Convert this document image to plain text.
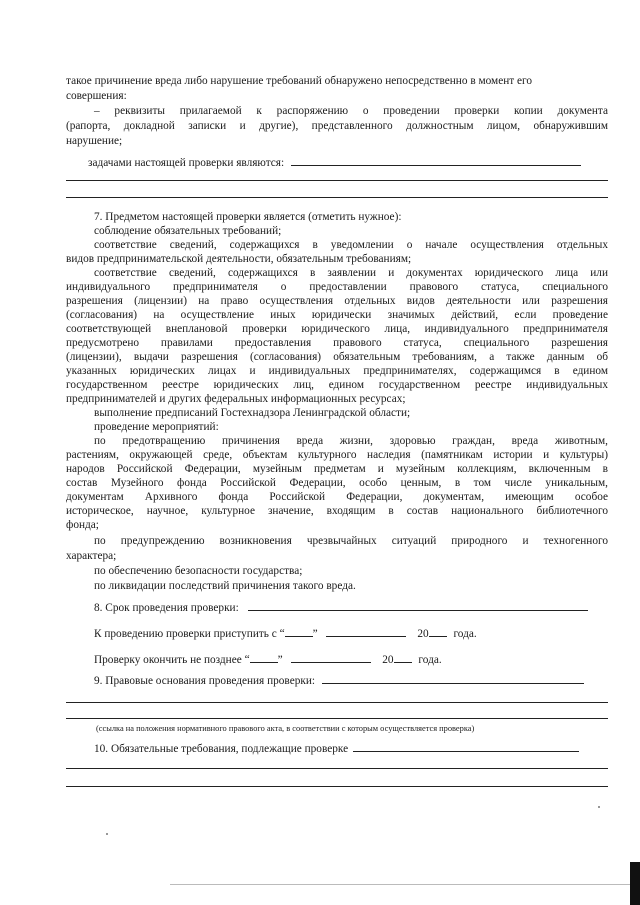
такое причинение вреда либо нарушение требований обнаружено непосредственно в момент его
совершения:
– реквизиты прилагаемой к распоряжению о проведении проверки копии документа
(рапорта, докладной записки и другие), представленного должностным лицом, обнаружившим
нарушение;
задачами настоящей проверки являются:
7. Предметом настоящей проверки является (отметить нужное):
соблюдение обязательных требований;
соответствие сведений, содержащихся в уведомлении о начале осуществления отдельных
видов предпринимательской деятельности, обязательным требованиям;
соответствие сведений, содержащихся в заявлении и документах юридического лица или
индивидуального предпринимателя о предоставлении правового статуса, специального
разрешения (лицензии) на право осуществления отдельных видов деятельности или разрешения
(согласования) на осуществление иных юридически значимых действий, если проведение
соответствующей внеплановой проверки юридического лица, индивидуального предпринимателя
предусмотрено правилами предоставления правового статуса, специального разрешения
(лицензии), выдачи разрешения (согласования) обязательным требованиям, а также данным об
указанных юридических лицах и индивидуальных предпринимателях, содержащимся в едином
государственном реестре юридических лиц, едином государственном реестре индивидуальных
предпринимателей и других федеральных информационных ресурсах;
выполнение предписаний Гостехнадзора Ленинградской области;
проведение мероприятий:
по предотвращению причинения вреда жизни, здоровью граждан, вреда животным,
растениям, окружающей среде, объектам культурного наследия (памятникам истории и культуры)
народов Российской Федерации, музейным предметам и музейным коллекциям, включенным в
состав Музейного фонда Российской Федерации, особо ценным, в том числе уникальным,
документам Архивного фонда Российской Федерации, документам, имеющим особое
историческое, научное, культурное значение, входящим в состав национального библиотечного
фонда;
по предупреждению возникновения чрезвычайных ситуаций природного и техногенного
характера;
по обеспечению безопасности государства;
по ликвидации последствий причинения такого вреда.
8. Срок проведения проверки:
К проведению проверки приступить с “ ”	20 года.
Проверку окончить не позднее “ ”	20 года.
9. Правовые основания проведения проверки:
(ссылка на положения нормативного правового акта, в соответствии с которым осуществляется проверка)
10. Обязательные требования, подлежащие проверке
